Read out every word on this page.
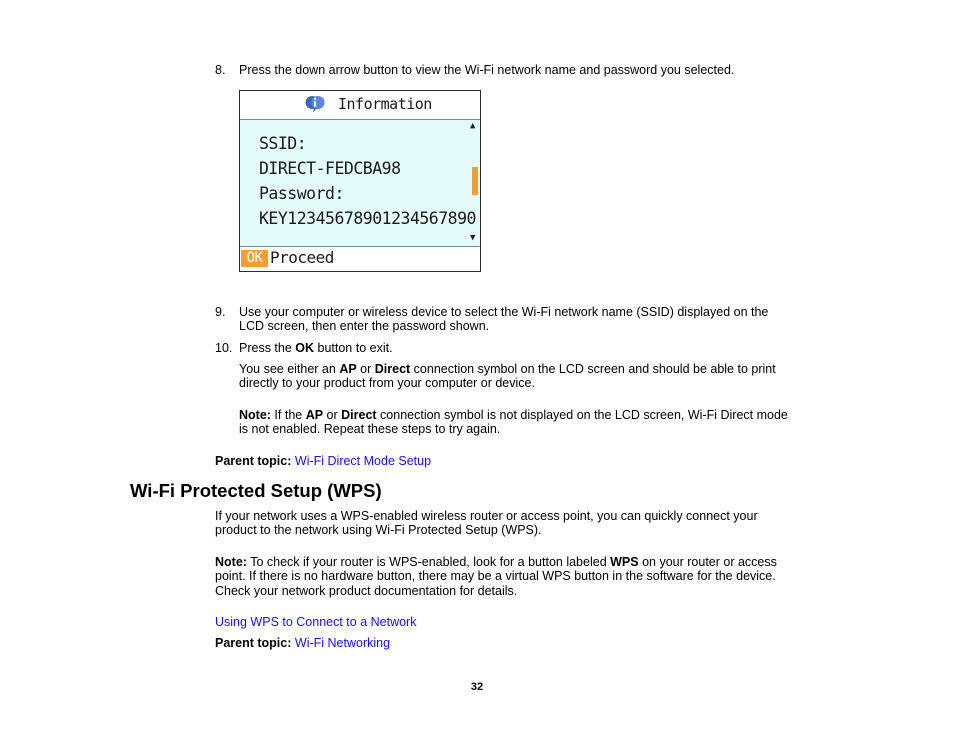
8. Press the down arrow button to view the Wi-Fi network name and password you selected.
Information
SSID:
DIRECT-FEDCBA98
Password:
KEY12345678901234567890
▲
▼
OK Proceed
9. Use your computer or wireless device to select the Wi-Fi network name (SSID) displayed on the
LCD screen, then enter the password shown.
10. Press the OK button to exit.
You see either an AP or Direct connection symbol on the LCD screen and should be able to print
directly to your product from your computer or device.
Note: If the AP or Direct connection symbol is not displayed on the LCD screen, Wi-Fi Direct mode
is not enabled. Repeat these steps to try again.
Parent topic: Wi-Fi Direct Mode Setup
Wi-Fi Protected Setup (WPS)
If your network uses a WPS-enabled wireless router or access point, you can quickly connect your
product to the network using Wi-Fi Protected Setup (WPS).
Note: To check if your router is WPS-enabled, look for a button labeled WPS on your router or access
point. If there is no hardware button, there may be a virtual WPS button in the software for the device.
Check your network product documentation for details.
Using WPS to Connect to a Network
Parent topic: Wi-Fi Networking
32
